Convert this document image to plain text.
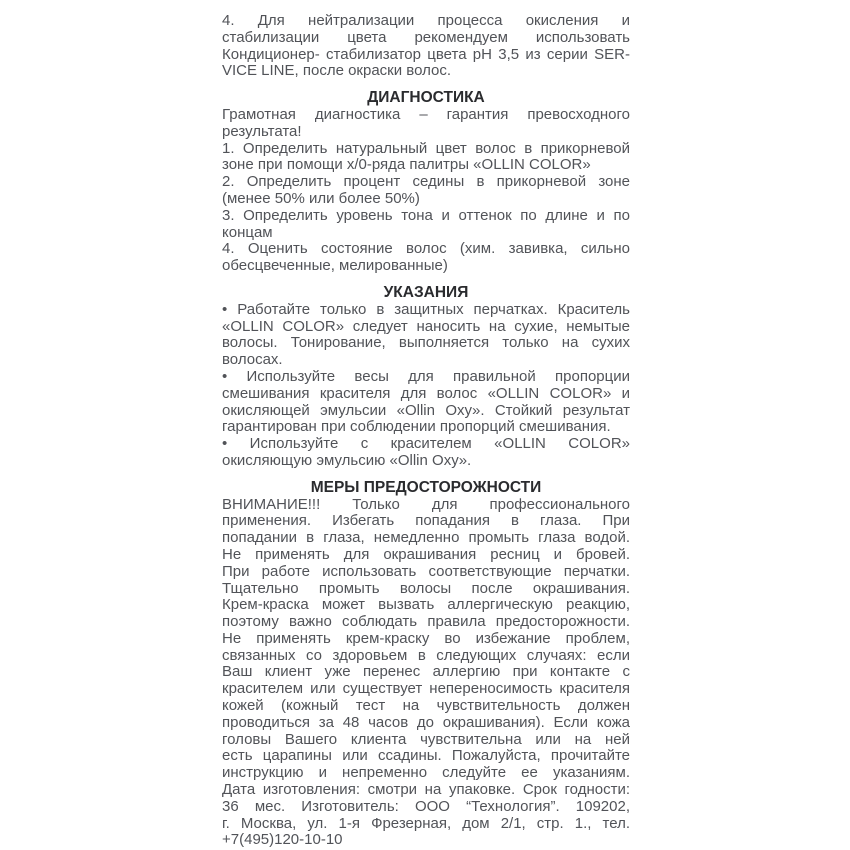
4. Для нейтрализации процесса окисления и
стабилизации цвета рекомендуем использовать
Кондиционер- стабилизатор цвета pH 3,5 из серии SER-
VICE LINE, после окраски волос.
ДИАГНОСТИКА
Грамотная диагностика – гарантия превосходного
результата!
1. Определить натуральный цвет волос в прикорневой
зоне при помощи х/0-ряда палитры «OLLIN COLOR»
2. Определить процент седины в прикорневой зоне
(менее 50% или более 50%)
3. Определить уровень тона и оттенок по длине и по
концам
4. Оценить состояние волос (хим. завивка, сильно
обесцвеченные, мелированные)
УКАЗАНИЯ
• Работайте только в защитных перчатках. Краситель
«OLLIN COLOR» следует наносить на сухие, немытые
волосы. Тонирование, выполняется только на сухих
волосах.
• Используйте весы для правильной пропорции
смешивания красителя для волос «OLLIN COLOR» и
окисляющей эмульсии «Ollin Oxy». Стойкий результат
гарантирован при соблюдении пропорций смешивания.
• Используйте с красителем «OLLIN COLOR»
окисляющую эмульсию «Ollin Oxy».
МЕРЫ ПРЕДОСТОРОЖНОСТИ
ВНИМАНИЕ!!! Только для профессионального
применения. Избегать попадания в глаза. При
попадании в глаза, немедленно промыть глаза водой.
Не применять для окрашивания ресниц и бровей.
При работе использовать соответствующие перчатки.
Тщательно промыть волосы после окрашивания.
Крем-краска может вызвать аллергическую реакцию,
поэтому важно соблюдать правила предосторожности.
Не применять крем-краску во избежание проблем,
связанных со здоровьем в следующих случаях: если
Ваш клиент уже перенес аллергию при контакте с
красителем или существует непереносимость красителя
кожей (кожный тест на чувствительность должен
проводиться за 48 часов до окрашивания). Если кожа
головы Вашего клиента чувствительна или на ней
есть царапины или ссадины. Пожалуйста, прочитайте
инструкцию и непременно следуйте ее указаниям.
Дата изготовления: смотри на упаковке. Срок годности:
36 мес. Изготовитель: ООО “Технология”. 109202,
г. Москва, ул. 1-я Фрезерная, дом 2/1, стр. 1., тел.
+7(495)120-10-10
